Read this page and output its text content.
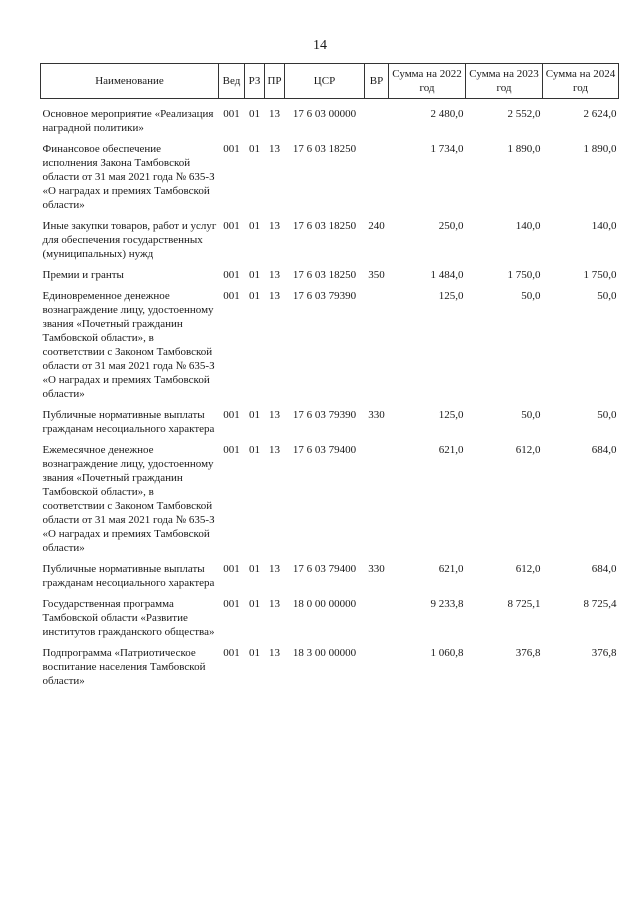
14
Наименование	Вед	РЗ	ПР	ЦСР	ВР	Сумма на 2022 год	Сумма на 2023 год	Сумма на 2024 год
Основное мероприятие «Реализация наградной политики»	001	01	13	17 6 03 00000		2 480,0	2 552,0	2 624,0
Финансовое обеспечение исполнения Закона Тамбовской области от 31 мая 2021 года № 635-З «О наградах и премиях Тамбовской области»	001	01	13	17 6 03 18250		1 734,0	1 890,0	1 890,0
Иные закупки товаров, работ и услуг для обеспечения государственных (муниципальных) нужд	001	01	13	17 6 03 18250	240	250,0	140,0	140,0
Премии и гранты	001	01	13	17 6 03 18250	350	1 484,0	1 750,0	1 750,0
Единовременное денежное вознаграждение лицу, удостоенному звания «Почетный гражданин Тамбовской области», в соответствии с Законом Тамбовской области от 31 мая 2021 года № 635-З «О наградах и премиях Тамбовской области»	001	01	13	17 6 03 79390		125,0	50,0	50,0
Публичные нормативные выплаты гражданам несоциального характера	001	01	13	17 6 03 79390	330	125,0	50,0	50,0
Ежемесячное денежное вознаграждение лицу, удостоенному звания «Почетный гражданин Тамбовской области», в соответствии с Законом Тамбовской области от 31 мая 2021 года № 635-З «О наградах и премиях Тамбовской области»	001	01	13	17 6 03 79400		621,0	612,0	684,0
Публичные нормативные выплаты гражданам несоциального характера	001	01	13	17 6 03 79400	330	621,0	612,0	684,0
Государственная программа Тамбовской области «Развитие институтов гражданского общества»	001	01	13	18 0 00 00000		9 233,8	8 725,1	8 725,4
Подпрограмма «Патриотическое воспитание населения Тамбовской области»	001	01	13	18 3 00 00000		1 060,8	376,8	376,8
